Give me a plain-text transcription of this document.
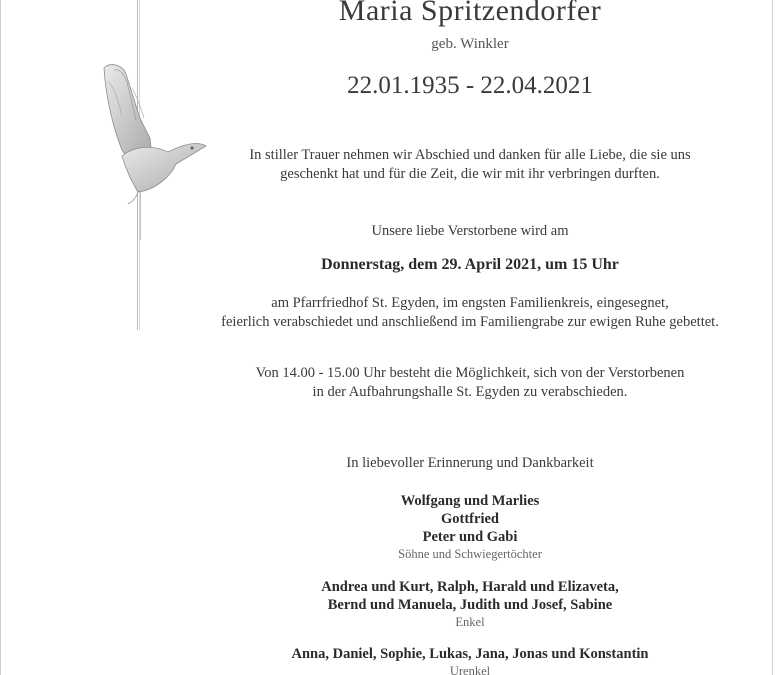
Maria Spritzendorfer
geb. Winkler
22.01.1935 - 22.04.2021
In stiller Trauer nehmen wir Abschied und danken für alle Liebe, die sie uns
geschenkt hat und für die Zeit, die wir mit ihr verbringen durften.
Unsere liebe Verstorbene wird am
Donnerstag, dem 29. April 2021, um 15 Uhr
am Pfarrfriedhof St. Egyden, im engsten Familienkreis, eingesegnet,
feierlich verabschiedet und anschließend im Familiengrabe zur ewigen Ruhe gebettet.
Von 14.00 - 15.00 Uhr besteht die Möglichkeit, sich von der Verstorbenen
in der Aufbahrungshalle St. Egyden zu verabschieden.
In liebevoller Erinnerung und Dankbarkeit
Wolfgang und Marlies
Gottfried
Peter und Gabi
Söhne und Schwiegertöchter
Andrea und Kurt, Ralph, Harald und Elizaveta,
Bernd und Manuela, Judith und Josef, Sabine
Enkel
Anna, Daniel, Sophie, Lukas, Jana, Jonas und Konstantin
Urenkel
